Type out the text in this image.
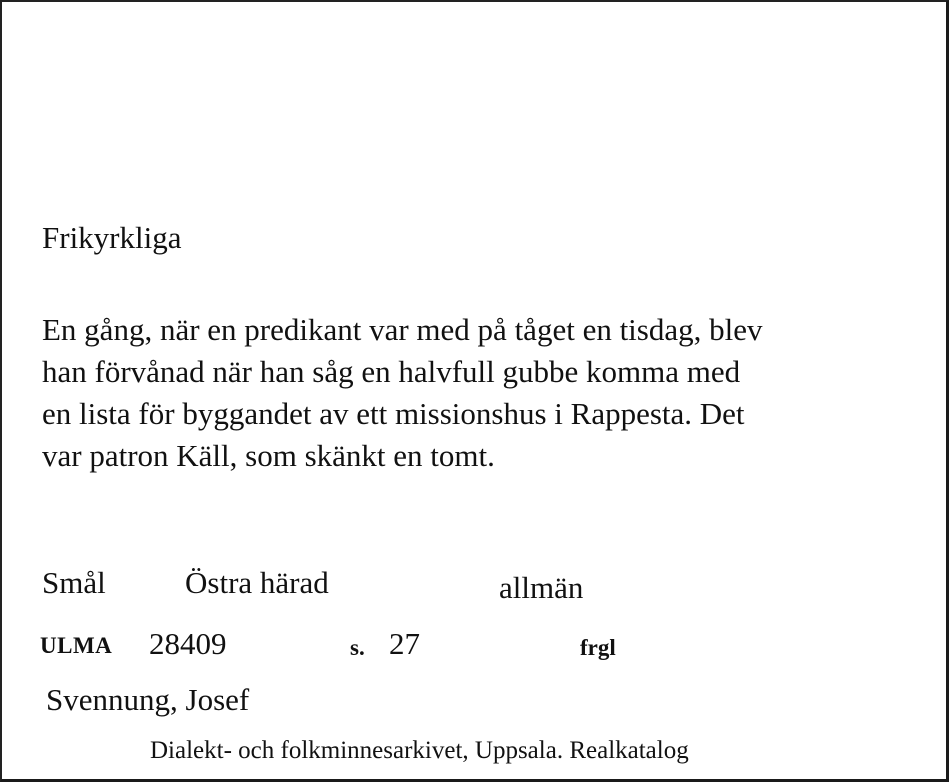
Frikyrkliga
En gång, när en predikant var med på tåget en tisdag, blev
han förvånad när han såg en halvfull gubbe komma med
en lista för byggandet av ett missionshus i Rappesta. Det
var patron Käll, som skänkt en tomt.
Smål	Östra härad	allmän
ULMA 28409	s. 27	frgl
Svennung, Josef
Dialekt- och folkminnesarkivet, Uppsala. Realkatalog
